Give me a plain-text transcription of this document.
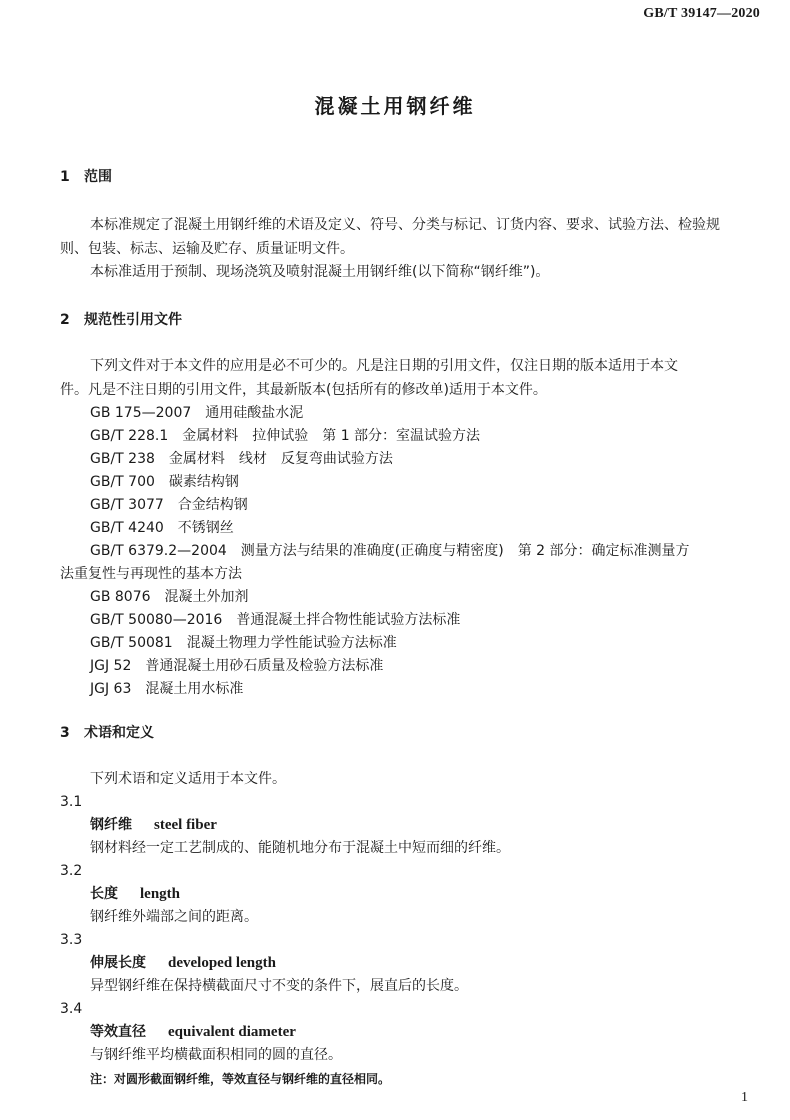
GB/T 39147—2020
混凝土用钢纤维
1 范围
本标准规定了混凝土用钢纤维的术语及定义、符号、分类与标记、订货内容、要求、试验方法、检验规
则、包装、标志、运输及贮存、质量证明文件。
本标准适用于预制、现场浇筑及喷射混凝土用钢纤维(以下简称“钢纤维”)。
2 规范性引用文件
下列文件对于本文件的应用是必不可少的。凡是注日期的引用文件，仅注日期的版本适用于本文
件。凡是不注日期的引用文件，其最新版本(包括所有的修改单)适用于本文件。
GB 175—2007　通用硅酸盐水泥
GB/T 228.1　金属材料　拉伸试验　第 1 部分：室温试验方法
GB/T 238　金属材料　线材　反复弯曲试验方法
GB/T 700　碳素结构钢
GB/T 3077　合金结构钢
GB/T 4240　不锈钢丝
GB/T 6379.2—2004　测量方法与结果的准确度(正确度与精密度)　第 2 部分：确定标准测量方
法重复性与再现性的基本方法
GB 8076　混凝土外加剂
GB/T 50080—2016　普通混凝土拌合物性能试验方法标准
GB/T 50081　混凝土物理力学性能试验方法标准
JGJ 52　普通混凝土用砂石质量及检验方法标准
JGJ 63　混凝土用水标准
3 术语和定义
下列术语和定义适用于本文件。
3.1
钢纤维 steel fiber
钢材料经一定工艺制成的、能随机地分布于混凝土中短而细的纤维。
3.2
长度 length
钢纤维外端部之间的距离。
3.3
伸展长度 developed length
异型钢纤维在保持横截面尺寸不变的条件下，展直后的长度。
3.4
等效直径 equivalent diameter
与钢纤维平均横截面积相同的圆的直径。
注：对圆形截面钢纤维，等效直径与钢纤维的直径相同。
1
